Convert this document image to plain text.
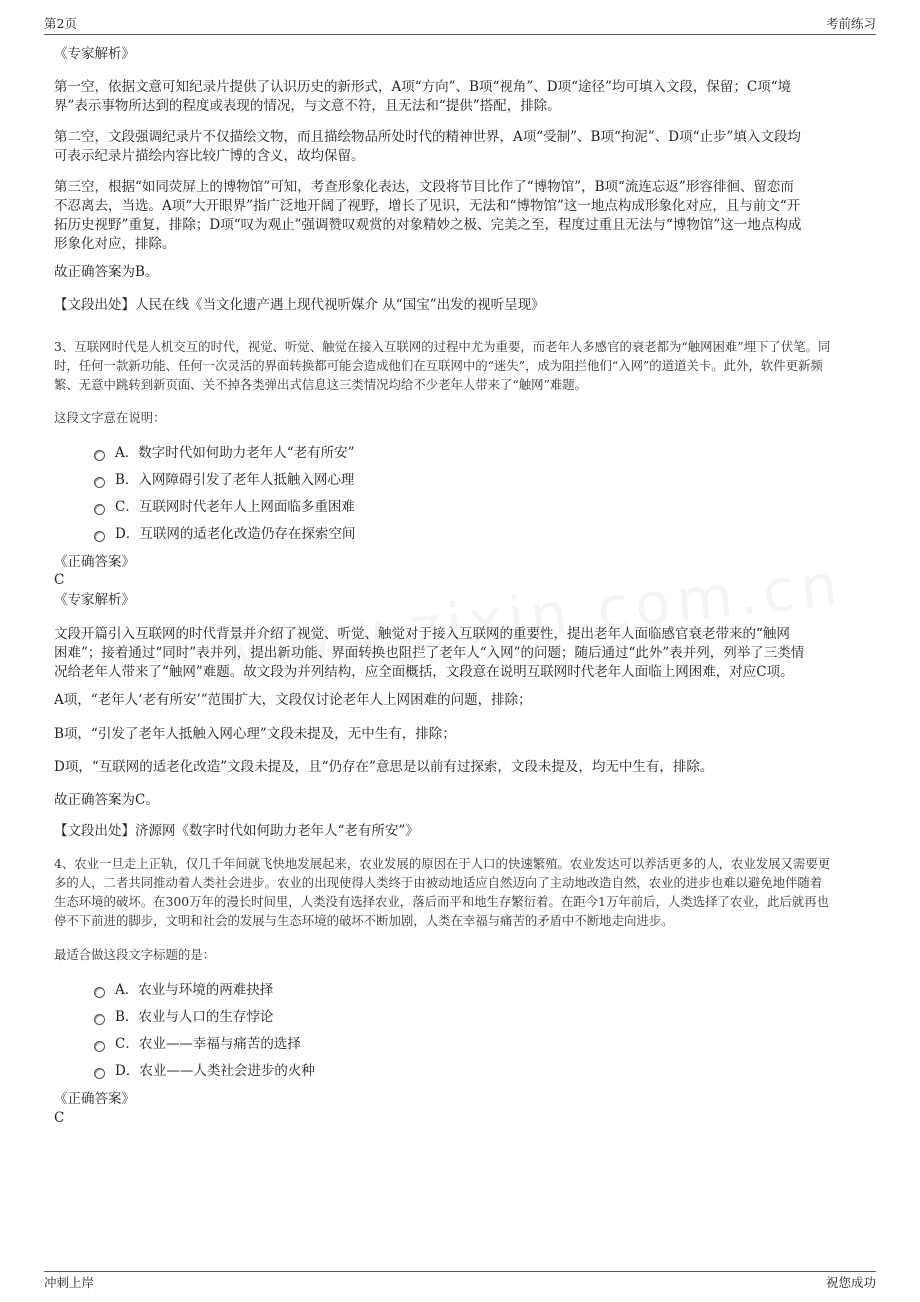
第2页	考前练习
《专家解析》
第一空，依据文意可知纪录片提供了认识历史的新形式，A项“方向”、B项“视角”、D项“途径”均可填入文段，保留；C项“境
界”表示事物所达到的程度或表现的情况，与文意不符，且无法和“提供”搭配，排除。
第二空，文段强调纪录片不仅描绘文物，而且描绘物品所处时代的精神世界，A项“受制”、B项“拘泥”、D项“止步”填入文段均
可表示纪录片描绘内容比较广博的含义，故均保留。
第三空，根据“如同荧屏上的博物馆”可知，考查形象化表达，文段将节目比作了“博物馆”，B项“流连忘返”形容徘徊、留恋而
不忍离去，当选。A项“大开眼界”指广泛地开阔了视野，增长了见识，无法和“博物馆”这一地点构成形象化对应，且与前文“开
拓历史视野”重复，排除；D项“叹为观止”强调赞叹观赏的对象精妙之极、完美之至，程度过重且无法与“博物馆”这一地点构成
形象化对应，排除。
故正确答案为B。
【文段出处】人民在线《当文化遗产遇上现代视听媒介 从“国宝”出发的视听呈现》
3、互联网时代是人机交互的时代，视觉、听觉、触觉在接入互联网的过程中尤为重要，而老年人多感官的衰老都为“触网困难”埋下了伏笔。同
时，任何一款新功能、任何一次灵活的界面转换都可能会造成他们在互联网中的“迷失”，成为阻拦他们“入网”的道道关卡。此外，软件更新频
繁、无意中跳转到新页面、关不掉各类弹出式信息这三类情况均给不少老年人带来了“触网”难题。
这段文字意在说明：
A．数字时代如何助力老年人“老有所安”
B．入网障碍引发了老年人抵触入网心理
C．互联网时代老年人上网面临多重困难
D．互联网的适老化改造仍存在探索空间
《正确答案》
C
《专家解析》
文段开篇引入互联网的时代背景并介绍了视觉、听觉、触觉对于接入互联网的重要性，提出老年人面临感官衰老带来的“触网
困难”；接着通过“同时”表并列，提出新功能、界面转换也阻拦了老年人“入网”的问题；随后通过“此外”表并列，列举了三类情
况给老年人带来了“触网”难题。故文段为并列结构，应全面概括，文段意在说明互联网时代老年人面临上网困难，对应C项。
A项，“老年人‘老有所安’”范围扩大，文段仅讨论老年人上网困难的问题，排除；
B项，“引发了老年人抵触入网心理”文段未提及，无中生有，排除；
D项，“互联网的适老化改造”文段未提及，且“仍存在”意思是以前有过探索，文段未提及，均无中生有，排除。
故正确答案为C。
【文段出处】济源网《数字时代如何助力老年人“老有所安”》
4、农业一旦走上正轨，仅几千年间就飞快地发展起来，农业发展的原因在于人口的快速繁殖。农业发达可以养活更多的人，农业发展又需要更
多的人，二者共同推动着人类社会进步。农业的出现使得人类终于由被动地适应自然迈向了主动地改造自然，农业的进步也难以避免地伴随着
生态环境的破坏。在300万年的漫长时间里，人类没有选择农业，落后而平和地生存繁衍着。在距今1万年前后，人类选择了农业，此后就再也
停不下前进的脚步，文明和社会的发展与生态环境的破坏不断加剧，人类在幸福与痛苦的矛盾中不断地走向进步。
最适合做这段文字标题的是：
A．农业与环境的两难抉择
B．农业与人口的生存悖论
C．农业——幸福与痛苦的选择
D．农业——人类社会进步的火种
《正确答案》
C
冲刺上岸	祝您成功
